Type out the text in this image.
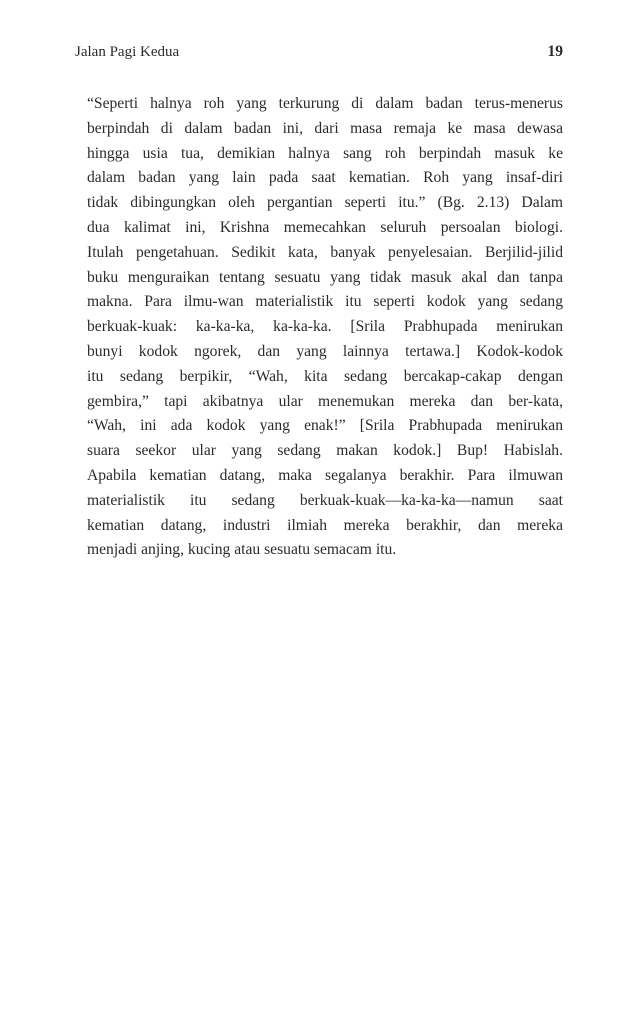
Jalan Pagi Kedua	19
“Seperti halnya roh yang terkurung di dalam badan terus-menerus
berpindah di dalam badan ini, dari masa remaja ke masa dewasa
hingga usia tua, demikian halnya sang roh berpindah masuk ke
dalam badan yang lain pada saat kematian. Roh yang insaf-diri
tidak dibingungkan oleh pergantian seperti itu.” (Bg. 2.13) Dalam
dua kalimat ini, Krishna memecahkan seluruh persoalan biologi.
Itulah pengetahuan. Sedikit kata, banyak penyelesaian. Berjilid-jilid
buku menguraikan tentang sesuatu yang tidak masuk akal dan tanpa
makna. Para ilmu-wan materialistik itu seperti kodok yang sedang
berkuak-kuak: ka-ka-ka, ka-ka-ka. [Srila Prabhupada menirukan
bunyi kodok ngorek, dan yang lainnya tertawa.] Kodok-kodok
itu sedang berpikir, “Wah, kita sedang bercakap-cakap dengan
gembira,” tapi akibatnya ular menemukan mereka dan ber-kata,
“Wah, ini ada kodok yang enak!” [Srila Prabhupada menirukan
suara seekor ular yang sedang makan kodok.] Bup! Habislah.
Apabila kematian datang, maka segalanya berakhir. Para ilmuwan
materialistik itu sedang berkuak-kuak—ka-ka-ka—namun saat
kematian datang, industri ilmiah mereka berakhir, dan mereka
menjadi anjing, kucing atau sesuatu semacam itu.
